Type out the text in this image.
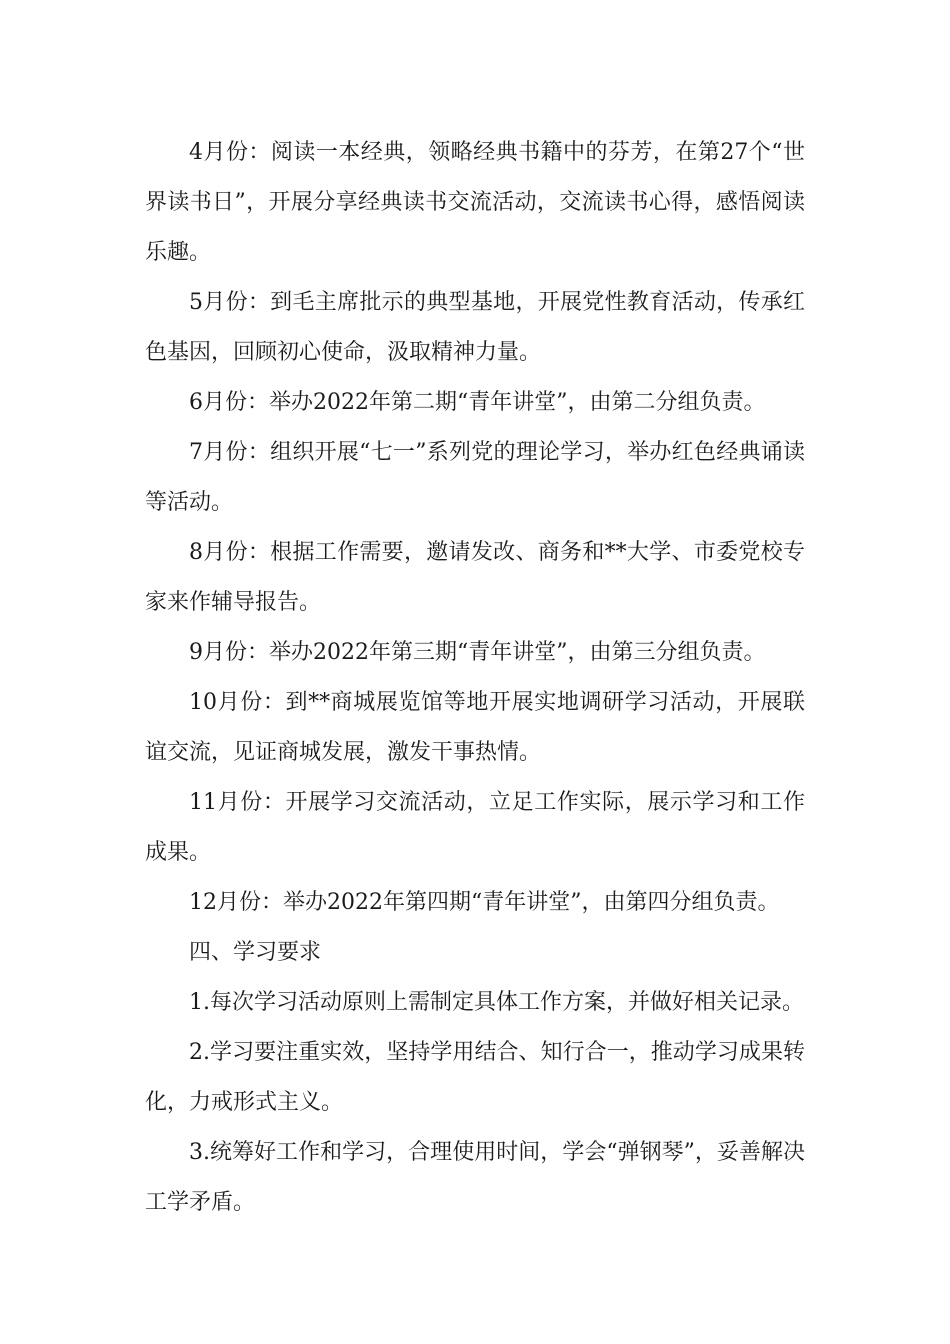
4月份：阅读一本经典，领略经典书籍中的芬芳，在第27个“世界读书日”，开展分享经典读书交流活动，交流读书心得，感悟阅读乐趣。

5月份：到毛主席批示的典型基地，开展党性教育活动，传承红色基因，回顾初心使命，汲取精神力量。

6月份：举办2022年第二期“青年讲堂”，由第二分组负责。

7月份：组织开展“七一”系列党的理论学习，举办红色经典诵读等活动。

8月份：根据工作需要，邀请发改、商务和**大学、市委党校专家来作辅导报告。

9月份：举办2022年第三期“青年讲堂”，由第三分组负责。

10月份：到**商城展览馆等地开展实地调研学习活动，开展联谊交流，见证商城发展，激发干事热情。

11月份：开展学习交流活动，立足工作实际，展示学习和工作成果。

12月份：举办2022年第四期“青年讲堂”，由第四分组负责。

四、学习要求

1.每次学习活动原则上需制定具体工作方案，并做好相关记录。

2.学习要注重实效，坚持学用结合、知行合一，推动学习成果转化，力戒形式主义。

3.统筹好工作和学习，合理使用时间，学会“弹钢琴”，妥善解决工学矛盾。
